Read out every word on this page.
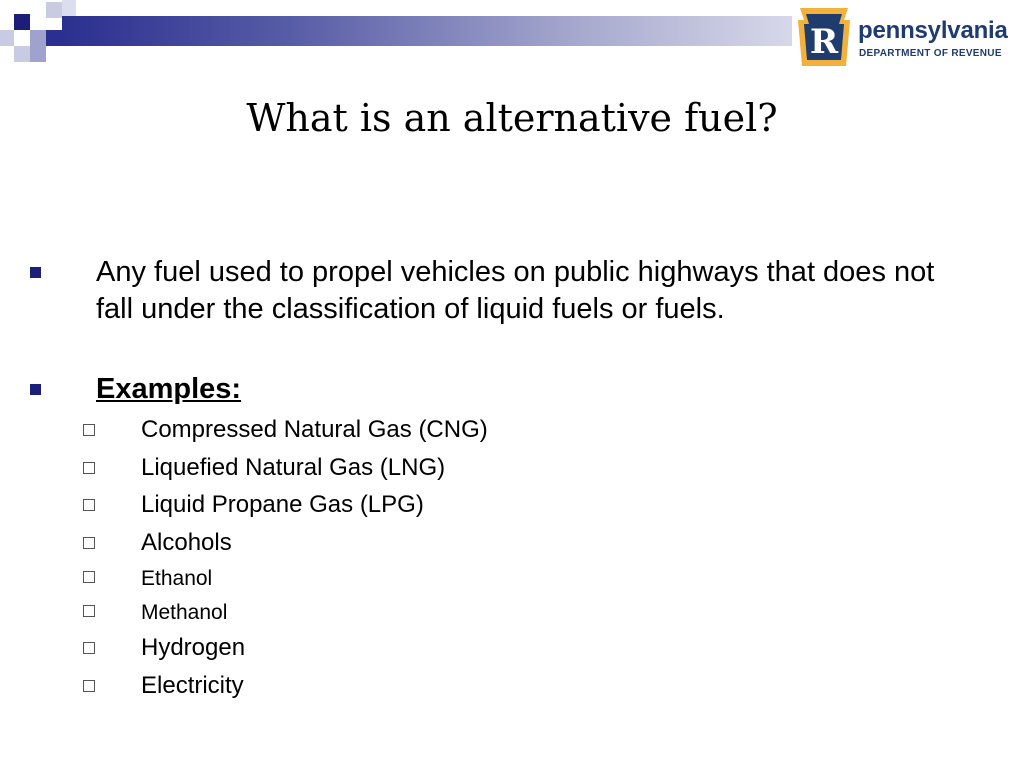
R pennsylvania
DEPARTMENT OF REVENUE
What is an alternative fuel?
Any fuel used to propel vehicles on public highways that does not fall under the classification of liquid fuels or fuels.
Examples:
Compressed Natural Gas (CNG)
Liquefied Natural Gas (LNG)
Liquid Propane Gas (LPG)
Alcohols
Ethanol
Methanol
Hydrogen
Electricity
